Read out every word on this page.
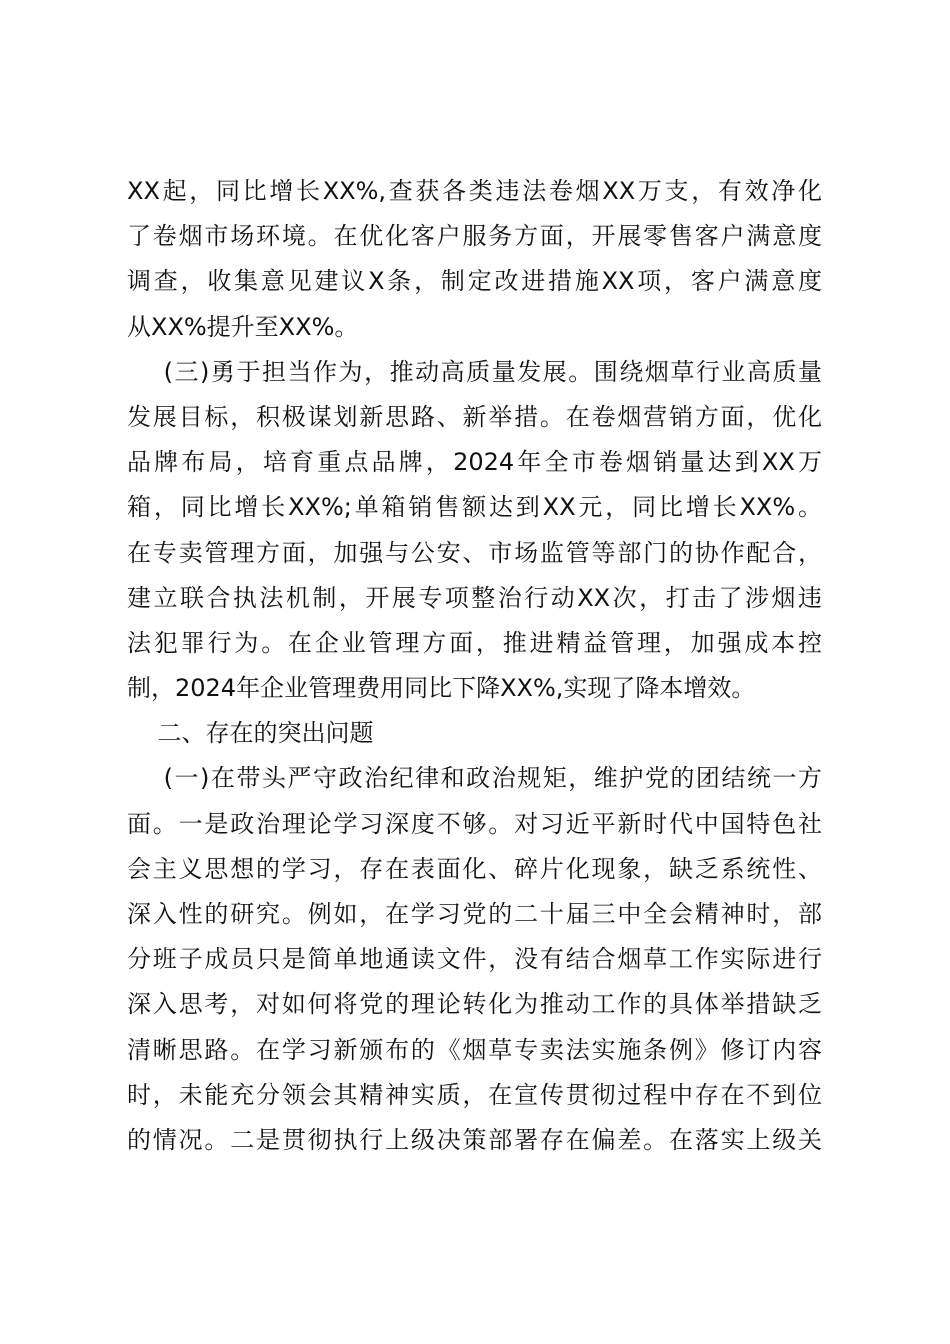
XX起，同比增长XX%,查获各类违法卷烟XX万支，有效净化
了卷烟市场环境。在优化客户服务方面，开展零售客户满意度
调查，收集意见建议X条，制定改进措施XX项，客户满意度
从XX%提升至XX%。
(三)勇于担当作为，推动高质量发展。围绕烟草行业高质量
发展目标，积极谋划新思路、新举措。在卷烟营销方面，优化
品牌布局，培育重点品牌，2024年全市卷烟销量达到XX万
箱，同比增长XX%;单箱销售额达到XX元，同比增长XX%。
在专卖管理方面，加强与公安、市场监管等部门的协作配合，
建立联合执法机制，开展专项整治行动XX次，打击了涉烟违
法犯罪行为。在企业管理方面，推进精益管理，加强成本控
制，2024年企业管理费用同比下降XX%,实现了降本增效。
二、存在的突出问题
(一)在带头严守政治纪律和政治规矩，维护党的团结统一方
面。一是政治理论学习深度不够。对习近平新时代中国特色社
会主义思想的学习，存在表面化、碎片化现象，缺乏系统性、
深入性的研究。例如，在学习党的二十届三中全会精神时，部
分班子成员只是简单地通读文件，没有结合烟草工作实际进行
深入思考，对如何将党的理论转化为推动工作的具体举措缺乏
清晰思路。在学习新颁布的《烟草专卖法实施条例》修订内容
时，未能充分领会其精神实质，在宣传贯彻过程中存在不到位
的情况。二是贯彻执行上级决策部署存在偏差。在落实上级关
